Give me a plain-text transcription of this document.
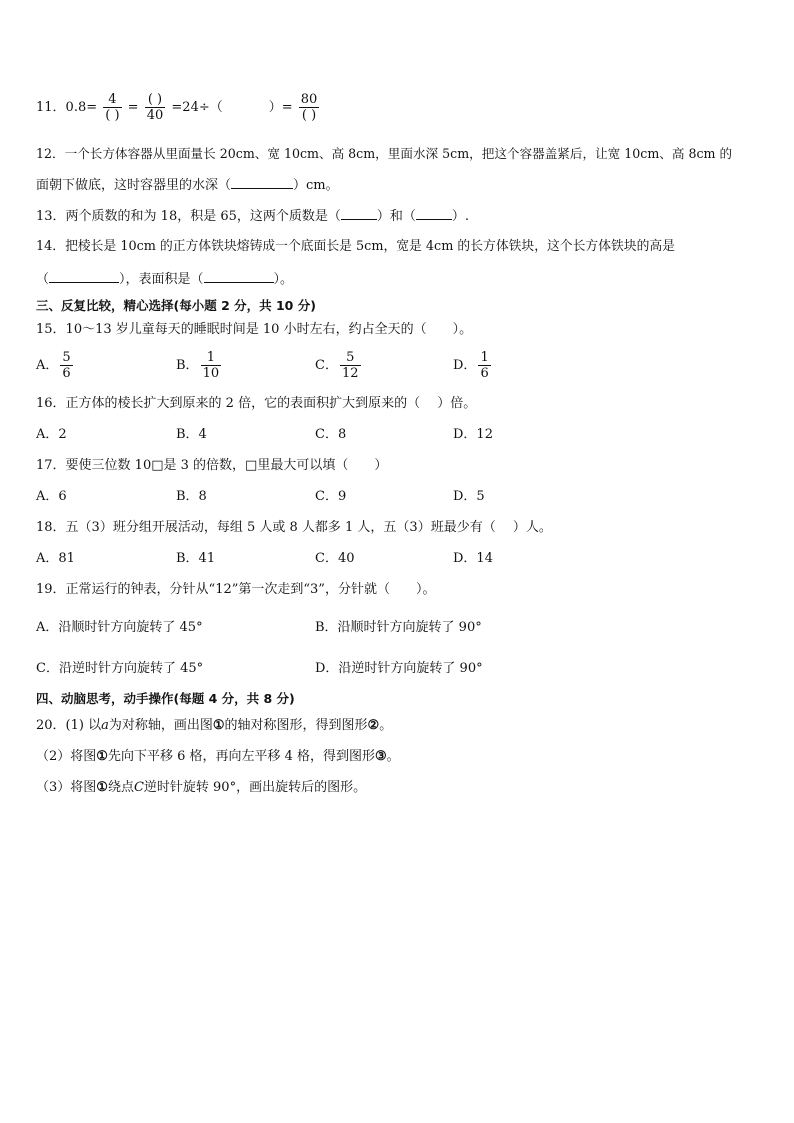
11．$0.8= \frac{4}{( )} = \frac{( )}{40} =24\div$（	）= $\frac{80}{( )}$
12．一个长方体容器从里面量长 20cm、宽 10cm、高 8cm，里面水深 5cm，把这个容器盖紧后，让宽 10cm、高 8cm 的
面朝下做底，这时容器里的水深（	）cm。
13．两个质数的和为 18，积是 65，这两个质数是（	）和（	）.
14．把棱长是 10cm 的正方体铁块熔铸成一个底面长是 5cm，宽是 4cm 的长方体铁块，这个长方体铁块的高是
（	），表面积是（	）。
三、反复比较，精心选择(每小题 2 分，共 10 分)
15．10～13 岁儿童每天的睡眠时间是 10 小时左右，约占全天的（　　）。
A． $\frac{5}{6}$	B． $\frac{1}{10}$	C． $\frac{5}{12}$	D． $\frac{1}{6}$
16．正方体的棱长扩大到原来的 2 倍，它的表面积扩大到原来的（　 ）倍。
A．2	B．4	C．8	D．12
17．要使三位数 10□是 3 的倍数，□里最大可以填（　　）
A．6	B．8	C．9	D．5
18．五（3）班分组开展活动，每组 5 人或 8 人都多 1 人，五（3）班最少有（　 ）人。
A．81	B．41	C．40	D．14
19．正常运行的钟表，分针从“12”第一次走到“3”，分针就（　　）。
A．沿顺时针方向旋转了 45°	B．沿顺时针方向旋转了 90°
C．沿逆时针方向旋转了 45°	D．沿逆时针方向旋转了 90°
四、动脑思考，动手操作(每题 4 分，共 8 分)
20．(1) 以a为对称轴，画出图①的轴对称图形，得到图形②。
（2）将图①先向下平移 6 格，再向左平移 4 格，得到图形③。
（3）将图①绕点C逆时针旋转 90°，画出旋转后的图形。
